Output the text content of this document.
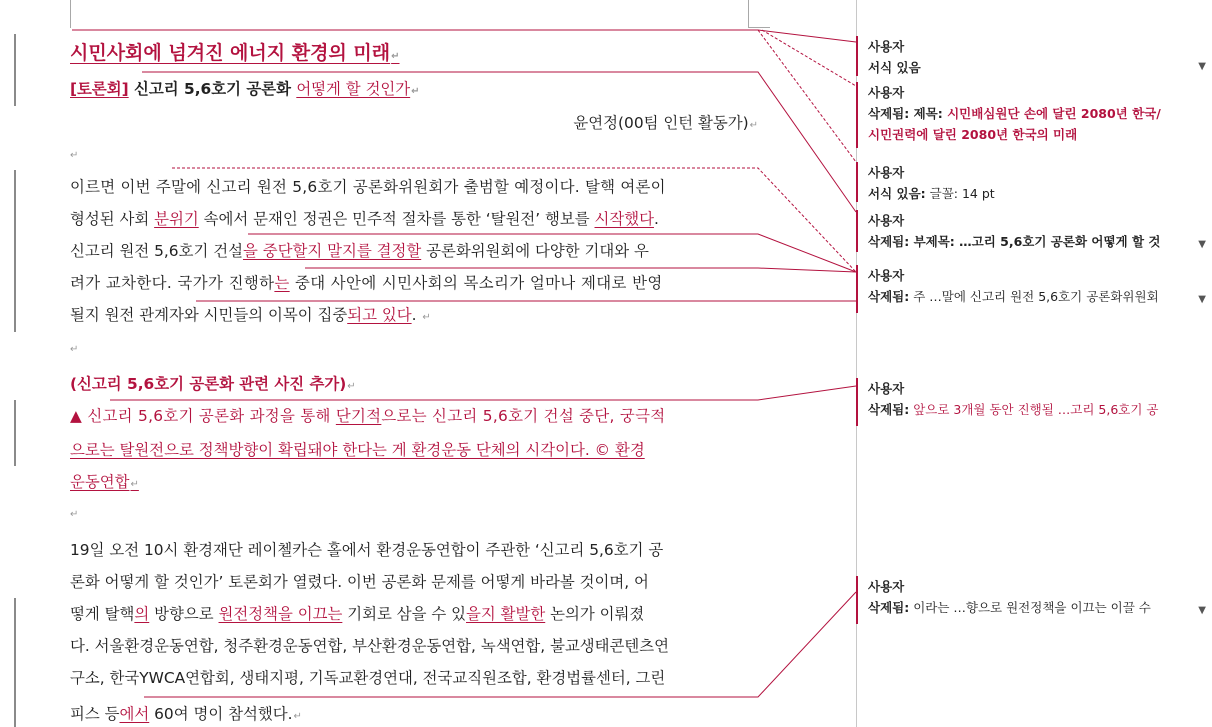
시민사회에 넘겨진 에너지 환경의 미래↵
[토론회] 신고리 5,6호기 공론화 어떻게 할 것인가↵
윤연정(00팀 인턴 활동가)↵
↵
이르면 이번 주말에 신고리 원전 5,6호기 공론화위원회가 출범할 예정이다. 탈핵 여론이
형성된 사회 분위기 속에서 문재인 정권은 민주적 절차를 통한 ‘탈원전’ 행보를 시작했다.
신고리 원전 5,6호기 건설을 중단할지 말지를 결정할 공론화위원회에 다양한 기대와 우
려가 교차한다. 국가가 진행하는 중대 사안에 시민사회의 목소리가 얼마나 제대로 반영
될지 원전 관계자와 시민들의 이목이 집중되고 있다. ↵
↵
(신고리 5,6호기 공론화 관련 사진 추가)↵
▲ 신고리 5,6호기 공론화 과정을 통해 단기적으로는 신고리 5,6호기 건설 중단, 궁극적
으로는 탈원전으로 정책방향이 확립돼야 한다는 게 환경운동 단체의 시각이다. © 환경
운동연합↵
↵
19일 오전 10시 환경재단 레이첼카슨 홀에서 환경운동연합이 주관한 ‘신고리 5,6호기 공
론화 어떻게 할 것인가’ 토론회가 열렸다. 이번 공론화 문제를 어떻게 바라볼 것이며, 어
떻게 탈핵의 방향으로 원전정책을 이끄는 기회로 삼을 수 있을지 활발한 논의가 이뤄졌
다. 서울환경운동연합, 청주환경운동연합, 부산환경운동연합, 녹색연합, 불교생태콘텐츠연
구소, 한국YWCA연합회, 생태지평, 기독교환경연대, 전국교직원조합, 환경법률센터, 그린
피스 등에서 60여 명이 참석했다.↵
사용자
서식 있음	▼
사용자
삭제됨: 제목: 시민배심원단 손에 달린 2080년 한국/
시민권력에 달린 2080년 한국의 미래
사용자
서식 있음: 글꼴: 14 pt
사용자
삭제됨: 부제목: …고리 5,6호기 공론화 어떻게 할 것	▼
사용자
삭제됨: 주 …말에 신고리 원전 5,6호기 공론화위원회	▼
사용자
삭제됨: 앞으로 3개월 동안 진행될 …고리 5,6호기 공
사용자
삭제됨: 이라는 …향으로 원전정책을 이끄는 이끌 수	▼
